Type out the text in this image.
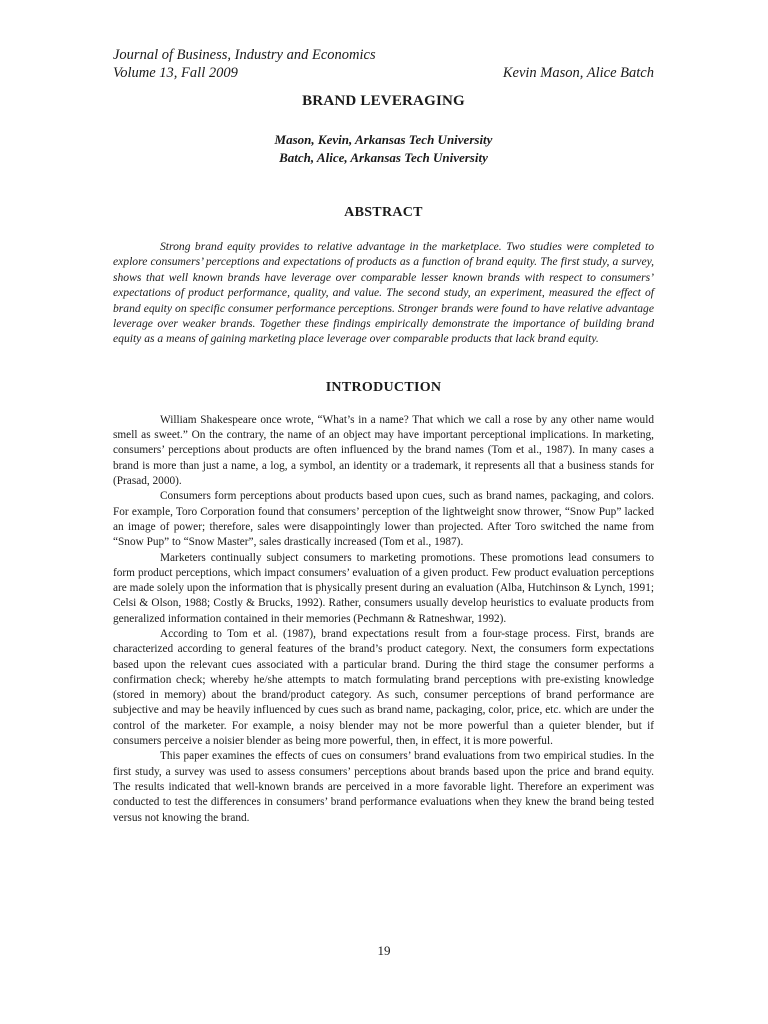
Journal of Business, Industry and Economics
Volume 13, Fall 2009	Kevin Mason, Alice Batch
BRAND LEVERAGING
Mason, Kevin, Arkansas Tech University
Batch, Alice, Arkansas Tech University
ABSTRACT
Strong brand equity provides to relative advantage in the marketplace. Two studies were completed to explore consumers’ perceptions and expectations of products as a function of brand equity. The first study, a survey, shows that well known brands have leverage over comparable lesser known brands with respect to consumers’ expectations of product performance, quality, and value. The second study, an experiment, measured the effect of brand equity on specific consumer performance perceptions. Stronger brands were found to have relative advantage leverage over weaker brands. Together these findings empirically demonstrate the importance of building brand equity as a means of gaining marketing place leverage over comparable products that lack brand equity.
INTRODUCTION

William Shakespeare once wrote, “What’s in a name? That which we call a rose by any other name would smell as sweet.” On the contrary, the name of an object may have important perceptional implications. In marketing, consumers’ perceptions about products are often influenced by the brand names (Tom et al., 1987). In many cases a brand is more than just a name, a log, a symbol, an identity or a trademark, it represents all that a business stands for (Prasad, 2000).

Consumers form perceptions about products based upon cues, such as brand names, packaging, and colors. For example, Toro Corporation found that consumers’ perception of the lightweight snow thrower, “Snow Pup” lacked an image of power; therefore, sales were disappointingly lower than projected. After Toro switched the name from “Snow Pup” to “Snow Master”, sales drastically increased (Tom et al., 1987).

Marketers continually subject consumers to marketing promotions. These promotions lead consumers to form product perceptions, which impact consumers’ evaluation of a given product. Few product evaluation perceptions are made solely upon the information that is physically present during an evaluation (Alba, Hutchinson & Lynch, 1991; Celsi & Olson, 1988; Costly & Brucks, 1992). Rather, consumers usually develop heuristics to evaluate products from generalized information contained in their memories (Pechmann & Ratneshwar, 1992).

According to Tom et al. (1987), brand expectations result from a four-stage process. First, brands are characterized according to general features of the brand’s product category. Next, the consumers form expectations based upon the relevant cues associated with a particular brand. During the third stage the consumer performs a confirmation check; whereby he/she attempts to match formulating brand perceptions with pre-existing knowledge (stored in memory) about the brand/product category. As such, consumer perceptions of brand performance are subjective and may be heavily influenced by cues such as brand name, packaging, color, price, etc. which are under the control of the marketer. For example, a noisy blender may not be more powerful than a quieter blender, but if consumers perceive a noisier blender as being more powerful, then, in effect, it is more powerful.

This paper examines the effects of cues on consumers’ brand evaluations from two empirical studies. In the first study, a survey was used to assess consumers’ perceptions about brands based upon the price and brand equity. The results indicated that well-known brands are perceived in a more favorable light. Therefore an experiment was conducted to test the differences in consumers’ brand performance evaluations when they knew the brand being tested versus not knowing the brand.

19
